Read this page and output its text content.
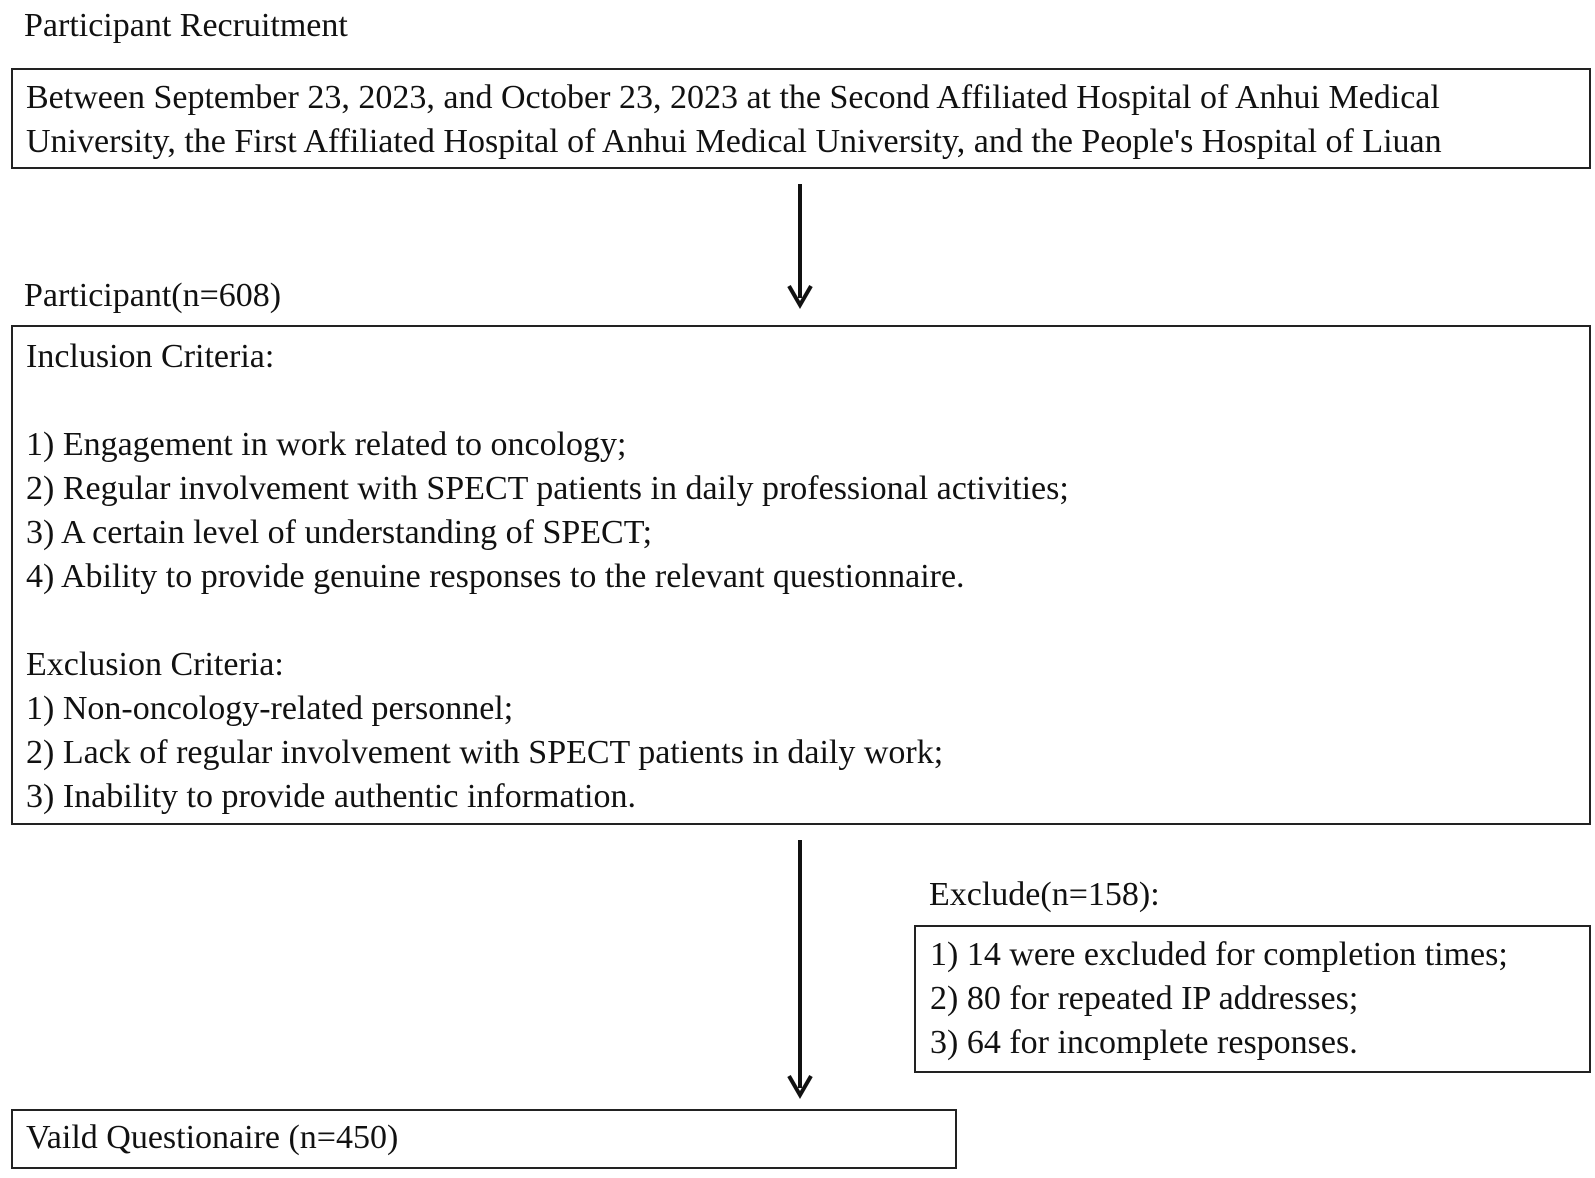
Participant Recruitment
Between September 23, 2023, and October 23, 2023 at the Second Affiliated Hospital of Anhui Medical
University, the First Affiliated Hospital of Anhui Medical University, and the People's Hospital of Liuan
Participant(n=608)
Inclusion Criteria:
1) Engagement in work related to oncology;
2) Regular involvement with SPECT patients in daily professional activities;
3) A certain level of understanding of SPECT;
4) Ability to provide genuine responses to the relevant questionnaire.
Exclusion Criteria:
1) Non-oncology-related personnel;
2) Lack of regular involvement with SPECT patients in daily work;
3) Inability to provide authentic information.
Exclude(n=158):
1) 14 were excluded for completion times;
2) 80 for repeated IP addresses;
3) 64 for incomplete responses.
Vaild Questionaire (n=450)
